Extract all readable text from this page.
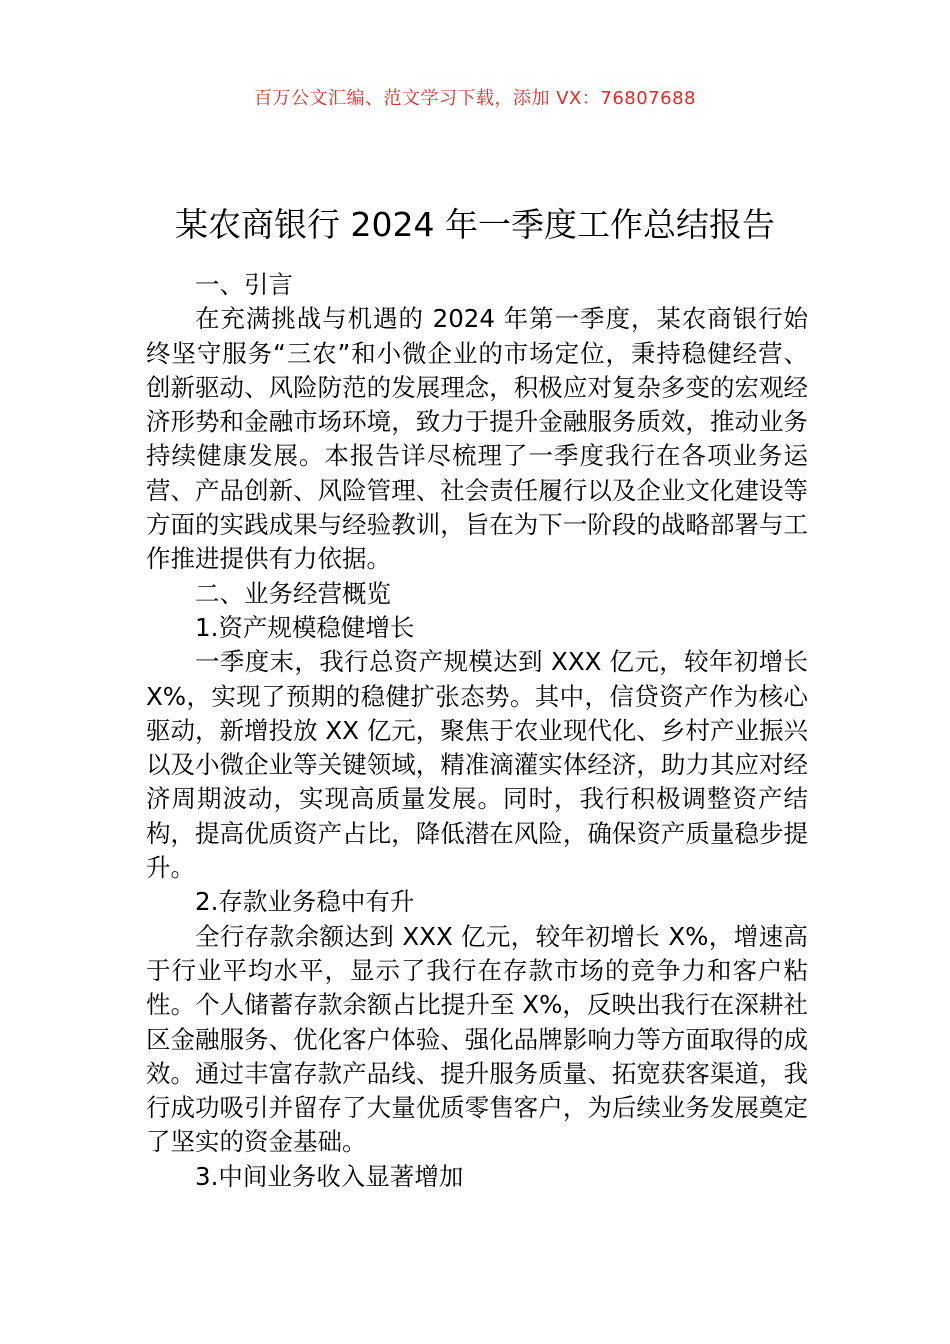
百万公文汇编、范文学习下载，添加 VX：76807688
某农商银行 2024 年一季度工作总结报告

一、引言

在充满挑战与机遇的 2024 年第一季度，某农商银行始终坚守服务“三农”和小微企业的市场定位，秉持稳健经营、创新驱动、风险防范的发展理念，积极应对复杂多变的宏观经济形势和金融市场环境，致力于提升金融服务质效，推动业务持续健康发展。本报告详尽梳理了一季度我行在各项业务运营、产品创新、风险管理、社会责任履行以及企业文化建设等方面的实践成果与经验教训，旨在为下一阶段的战略部署与工作推进提供有力依据。

二、业务经营概览

1.资产规模稳健增长

一季度末，我行总资产规模达到 XXX 亿元，较年初增长 X%，实现了预期的稳健扩张态势。其中，信贷资产作为核心驱动，新增投放 XX 亿元，聚焦于农业现代化、乡村产业振兴以及小微企业等关键领域，精准滴灌实体经济，助力其应对经济周期波动，实现高质量发展。同时，我行积极调整资产结构，提高优质资产占比，降低潜在风险，确保资产质量稳步提升。

2.存款业务稳中有升

全行存款余额达到 XXX 亿元，较年初增长 X%，增速高于行业平均水平，显示了我行在存款市场的竞争力和客户粘性。个人储蓄存款余额占比提升至 X%，反映出我行在深耕社区金融服务、优化客户体验、强化品牌影响力等方面取得的成效。通过丰富存款产品线、提升服务质量、拓宽获客渠道，我行成功吸引并留存了大量优质零售客户，为后续业务发展奠定了坚实的资金基础。

3.中间业务收入显著增加
